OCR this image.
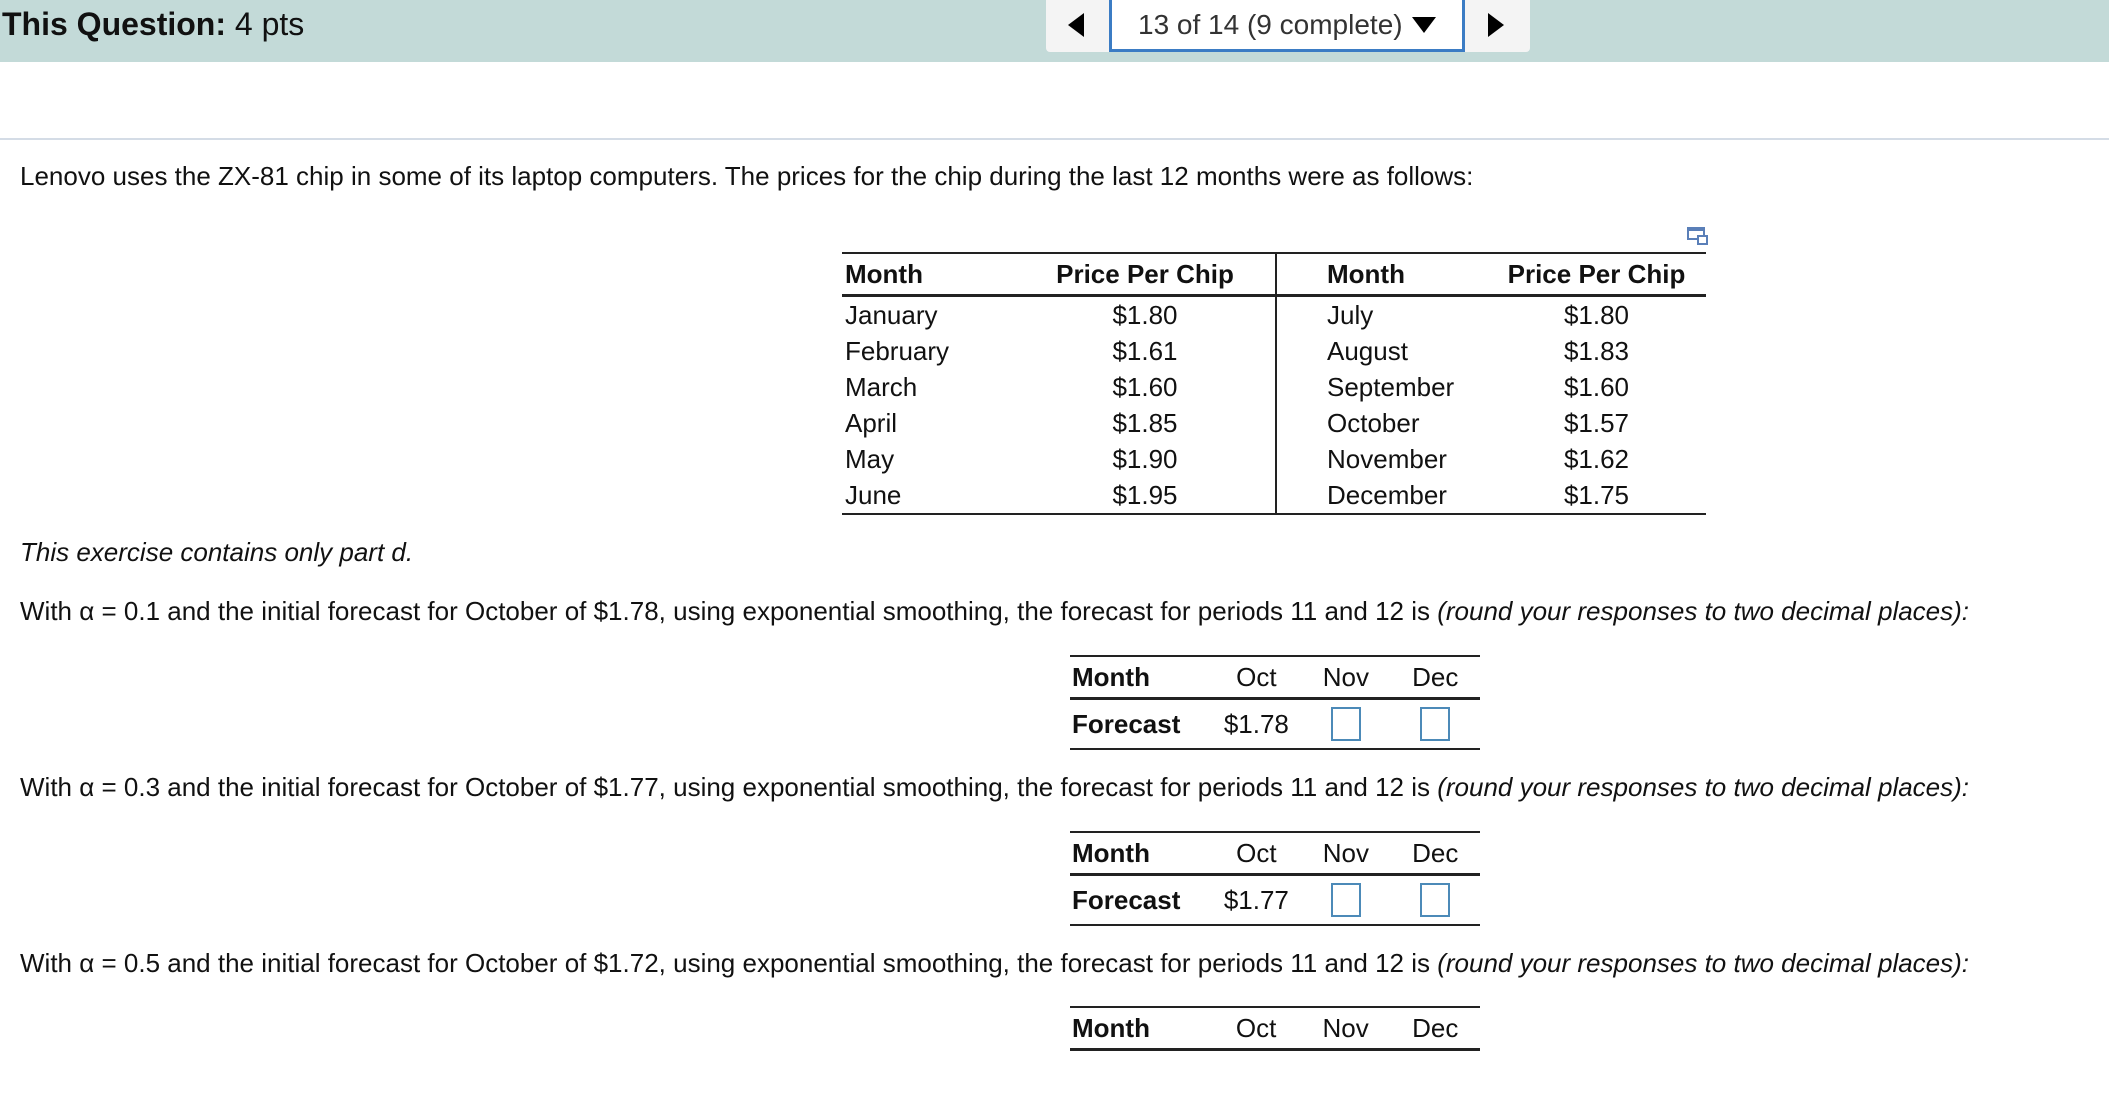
This Question: 4 pts	13 of 14 (9 complete)
Lenovo uses the ZX-81 chip in some of its laptop computers. The prices for the chip during the last 12 months were as follows:
Month	Price Per Chip	Month	Price Per Chip
January	$1.80	July	$1.80
February	$1.61	August	$1.83
March	$1.60	September	$1.60
April	$1.85	October	$1.57
May	$1.90	November	$1.62
June	$1.95	December	$1.75
This exercise contains only part d.
With α = 0.1 and the initial forecast for October of $1.78, using exponential smoothing, the forecast for periods 11 and 12 is (round your responses to two decimal places):
Month	Oct	Nov	Dec
Forecast	$1.78		
With α = 0.3 and the initial forecast for October of $1.77, using exponential smoothing, the forecast for periods 11 and 12 is (round your responses to two decimal places):
Month	Oct	Nov	Dec
Forecast	$1.77		
With α = 0.5 and the initial forecast for October of $1.72, using exponential smoothing, the forecast for periods 11 and 12 is (round your responses to two decimal places):
Month	Oct	Nov	Dec
